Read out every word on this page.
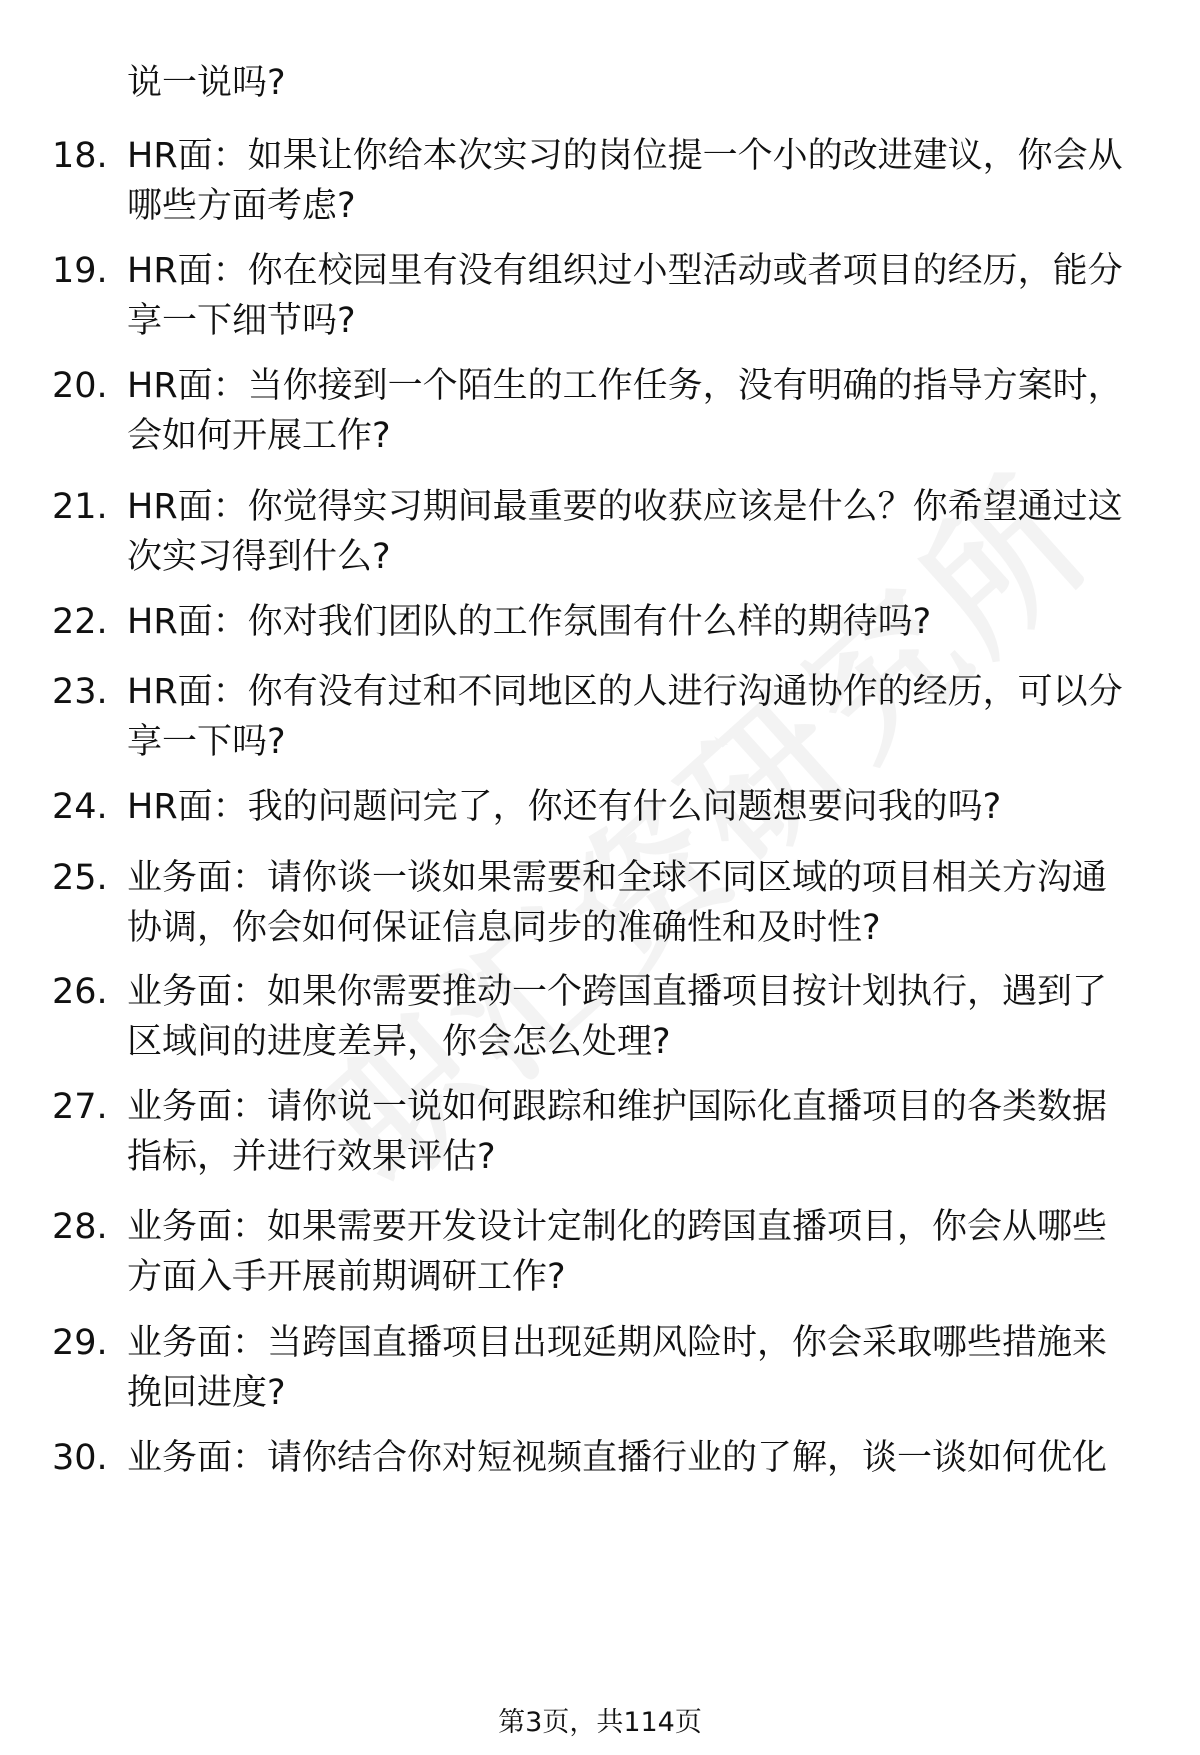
说一说吗?
18. HR面：如果让你给本次实习的岗位提一个小的改进建议，你会从
哪些方面考虑?
19. HR面：你在校园里有没有组织过小型活动或者项目的经历，能分
享一下细节吗?
20. HR面：当你接到一个陌生的工作任务，没有明确的指导方案时，
会如何开展工作?
21. HR面：你觉得实习期间最重要的收获应该是什么？你希望通过这
次实习得到什么?
22. HR面：你对我们团队的工作氛围有什么样的期待吗?
23. HR面：你有没有过和不同地区的人进行沟通协作的经历，可以分
享一下吗?
24. HR面：我的问题问完了，你还有什么问题想要问我的吗?
25. 业务面：请你谈一谈如果需要和全球不同区域的项目相关方沟通
协调，你会如何保证信息同步的准确性和及时性?
26. 业务面：如果你需要推动一个跨国直播项目按计划执行，遇到了
区域间的进度差异，你会怎么处理?
27. 业务面：请你说一说如何跟踪和维护国际化直播项目的各类数据
指标，并进行效果评估?
28. 业务面：如果需要开发设计定制化的跨国直播项目，你会从哪些
方面入手开展前期调研工作?
29. 业务面：当跨国直播项目出现延期风险时，你会采取哪些措施来
挽回进度?
30. 业务面：请你结合你对短视频直播行业的了解，谈一谈如何优化
第3页，共114页
